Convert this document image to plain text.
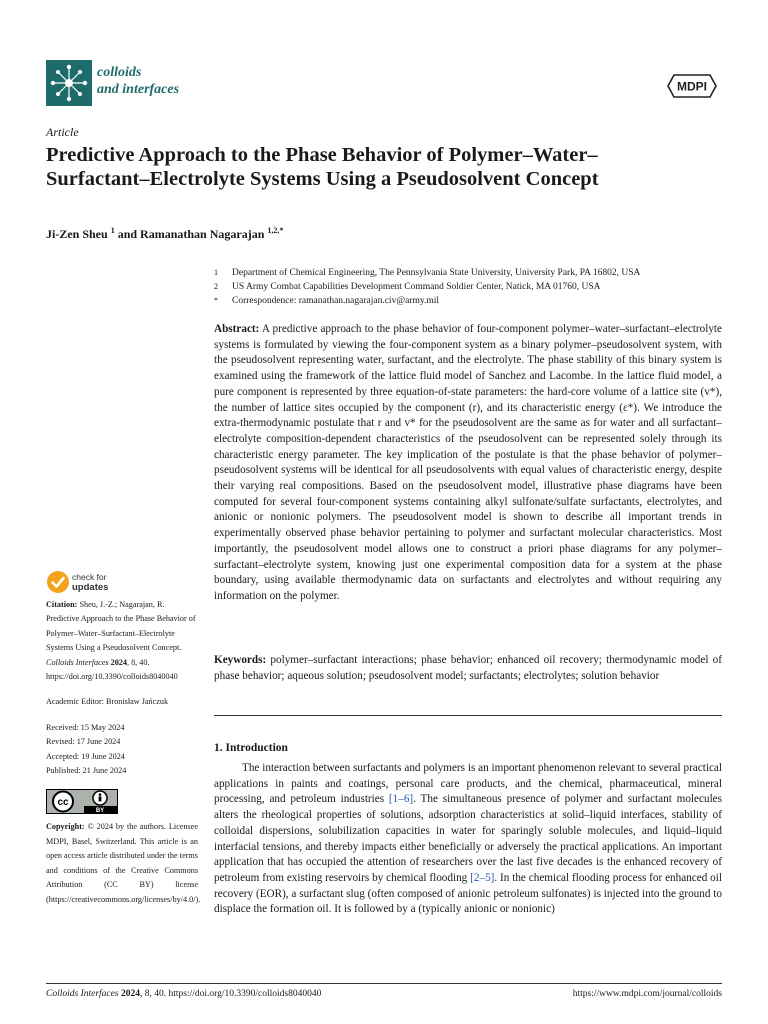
colloids
and interfaces	MDPI
Article
Predictive Approach to the Phase Behavior of Polymer–Water–Surfactant–Electrolyte Systems Using a Pseudosolvent Concept
Ji-Zen Sheu $^1$ and Ramanathan Nagarajan $^{1,2,*}$
1	Department of Chemical Engineering, The Pennsylvania State University, University Park, PA 16802, USA
2	US Army Combat Capabilities Development Command Soldier Center, Natick, MA 01760, USA
*	Correspondence: ramanathan.nagarajan.civ@army.mil
Abstract: A predictive approach to the phase behavior of four-component polymer–water–surfactant–electrolyte systems is formulated by viewing the four-component system as a binary polymer–pseudosolvent system, with the pseudosolvent representing water, surfactant, and the electrolyte. The phase stability of this binary system is examined using the framework of the lattice fluid model of Sanchez and Lacombe. In the lattice fluid model, a pure component is represented by three equation-of-state parameters: the hard-core volume of a lattice site (v*), the number of lattice sites occupied by the component (r), and its characteristic energy (ε*). We introduce the extra-thermodynamic postulate that r and v* for the pseudosolvent are the same as for water and all surfactant–electrolyte composition-dependent characteristics of the pseudosolvent can be represented solely through its characteristic energy parameter. The key implication of the postulate is that the phase behavior of polymer–pseudosolvent systems will be identical for all pseudosolvents with equal values of characteristic energy, despite their varying real compositions. Based on the pseudosolvent model, illustrative phase diagrams have been computed for several four-component systems containing alkyl sulfonate/sulfate surfactants, electrolytes, and anionic or nonionic polymers. The pseudosolvent model is shown to describe all important trends in experimentally observed phase behavior pertaining to polymer and surfactant molecular characteristics. Most importantly, the pseudosolvent model allows one to construct a priori phase diagrams for any polymer–surfactant–electrolyte system, knowing just one experimental composition data for a system at the phase boundary, using available thermodynamic data on surfactants and electrolytes and without requiring any information on the polymer.
Keywords: polymer–surfactant interactions; phase behavior; enhanced oil recovery; thermodynamic model of phase behavior; aqueous solution; pseudosolvent model; surfactants; electrolytes; solution behavior
1. Introduction
The interaction between surfactants and polymers is an important phenomenon relevant to several practical applications in paints and coatings, personal care products, and the chemical, pharmaceutical, mineral processing, and petroleum industries [1–6]. The simultaneous presence of polymer and surfactant molecules alters the rheological properties of solutions, adsorption characteristics at solid–liquid interfaces, stability of colloidal dispersions, solubilization capacities in water for sparingly soluble molecules, and liquid–liquid interfacial tensions, and thereby impacts either beneficially or adversely the practical applications. An important application that has occupied the attention of researchers over the last five decades is the enhanced recovery of petroleum from existing reservoirs by chemical flooding [2–5]. In the chemical flooding process for enhanced oil recovery (EOR), a surfactant slug (often composed of anionic petroleum sulfonates) is injected into the ground to displace the formation oil. It is followed by a (typically anionic or nonionic)
check for
updates
Citation: Sheu, J.-Z.; Nagarajan, R. Predictive Approach to the Phase Behavior of Polymer–Water–Surfactant–Electrolyte Systems Using a Pseudosolvent Concept. Colloids Interfaces 2024, 8, 40. https://doi.org/10.3390/colloids8040040
Academic Editor: Bronisław Jańczuk
Received: 15 May 2024
Revised: 17 June 2024
Accepted: 19 June 2024
Published: 21 June 2024
cc
BY
Copyright: © 2024 by the authors. Licensee MDPI, Basel, Switzerland. This article is an open access article distributed under the terms and conditions of the Creative Commons Attribution (CC BY) license (https://creativecommons.org/licenses/by/4.0/).
Colloids Interfaces 2024, 8, 40. https://doi.org/10.3390/colloids8040040	https://www.mdpi.com/journal/colloids
